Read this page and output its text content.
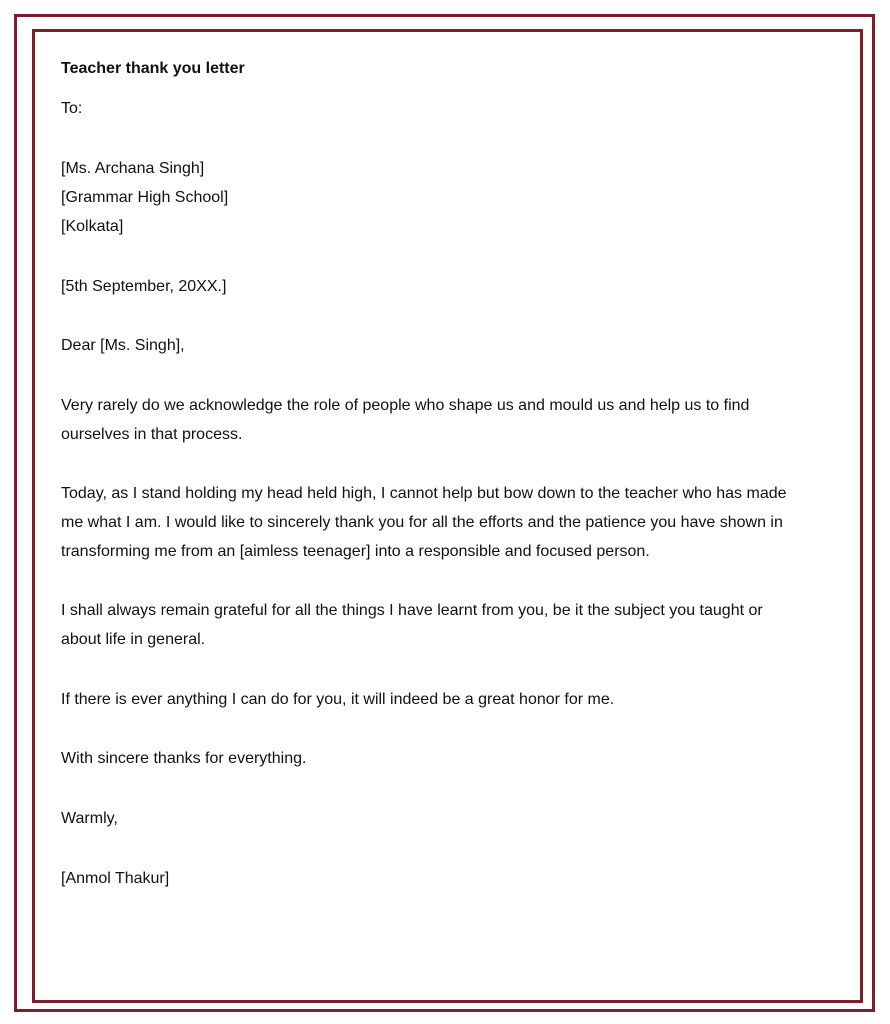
Teacher thank you letter

To:

[Ms. Archana Singh]

[Grammar High School]

[Kolkata]

[5th September, 20XX.]

Dear [Ms. Singh],

Very rarely do we acknowledge the role of people who shape us and mould us and help us to find

ourselves in that process.

Today, as I stand holding my head held high, I cannot help but bow down to the teacher who has made

me what I am. I would like to sincerely thank you for all the efforts and the patience you have shown in

transforming me from an [aimless teenager] into a responsible and focused person.

I shall always remain grateful for all the things I have learnt from you, be it the subject you taught or

about life in general.

If there is ever anything I can do for you, it will indeed be a great honor for me.

With sincere thanks for everything.

Warmly,

[Anmol Thakur]
